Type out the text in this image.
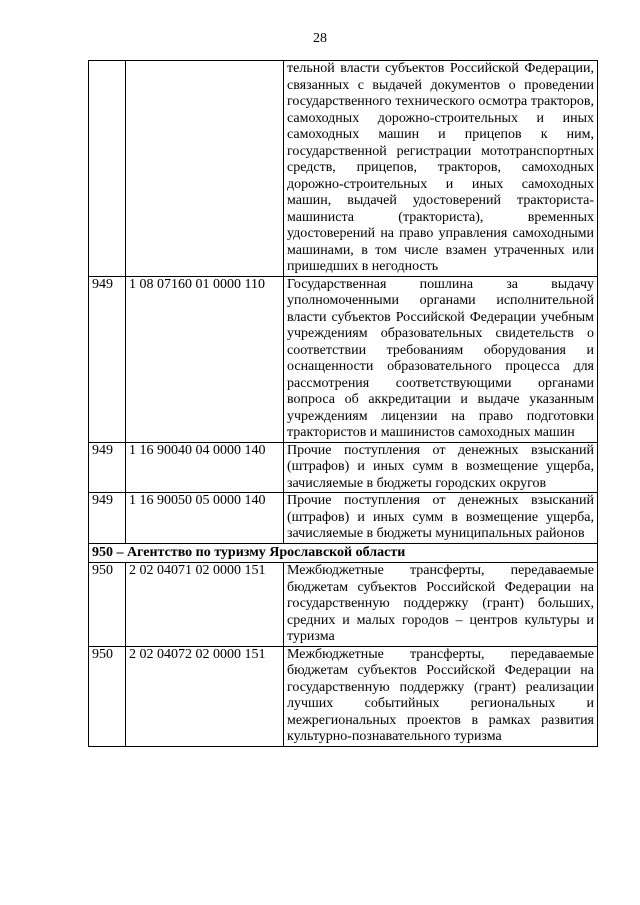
28
		тельной власти субъектов Российской Федерации, связанных с выдачей документов о проведении государственного технического осмотра тракторов, самоходных дорожно-строительных и иных самоходных машин и прицепов к ним, государственной регистрации мототранспортных средств, прицепов, тракторов, самоходных дорожно-строительных и иных самоходных машин, выдачей удостоверений тракториста-машиниста (тракториста), временных удостоверений на право управления самоходными машинами, в том числе взамен утраченных или пришедших в негодность
949	1 08 07160 01 0000 110	Государственная пошлина за выдачу уполномоченными органами исполнительной власти субъектов Российской Федерации учебным учреждениям образовательных свидетельств о соответствии требованиям оборудования и оснащенности образовательного процесса для рассмотрения соответствующими органами вопроса об аккредитации и выдаче указанным учреждениям лицензии на право подготовки трактористов и машинистов самоходных машин
949	1 16 90040 04 0000 140	Прочие поступления от денежных взысканий (штрафов) и иных сумм в возмещение ущерба, зачисляемые в бюджеты городских округов
949	1 16 90050 05 0000 140	Прочие поступления от денежных взысканий (штрафов) и иных сумм в возмещение ущерба, зачисляемые в бюджеты муниципальных районов
950 – Агентство по туризму Ярославской области		
950	2 02 04071 02 0000 151	Межбюджетные трансферты, передаваемые бюджетам субъектов Российской Федерации на государственную поддержку (грант) больших, средних и малых городов – центров культуры и туризма
950	2 02 04072 02 0000 151	Межбюджетные трансферты, передаваемые бюджетам субъектов Российской Федерации на государственную поддержку (грант) реализации лучших событийных региональных и межрегиональных проектов в рамках развития культурно-познавательного туризма
